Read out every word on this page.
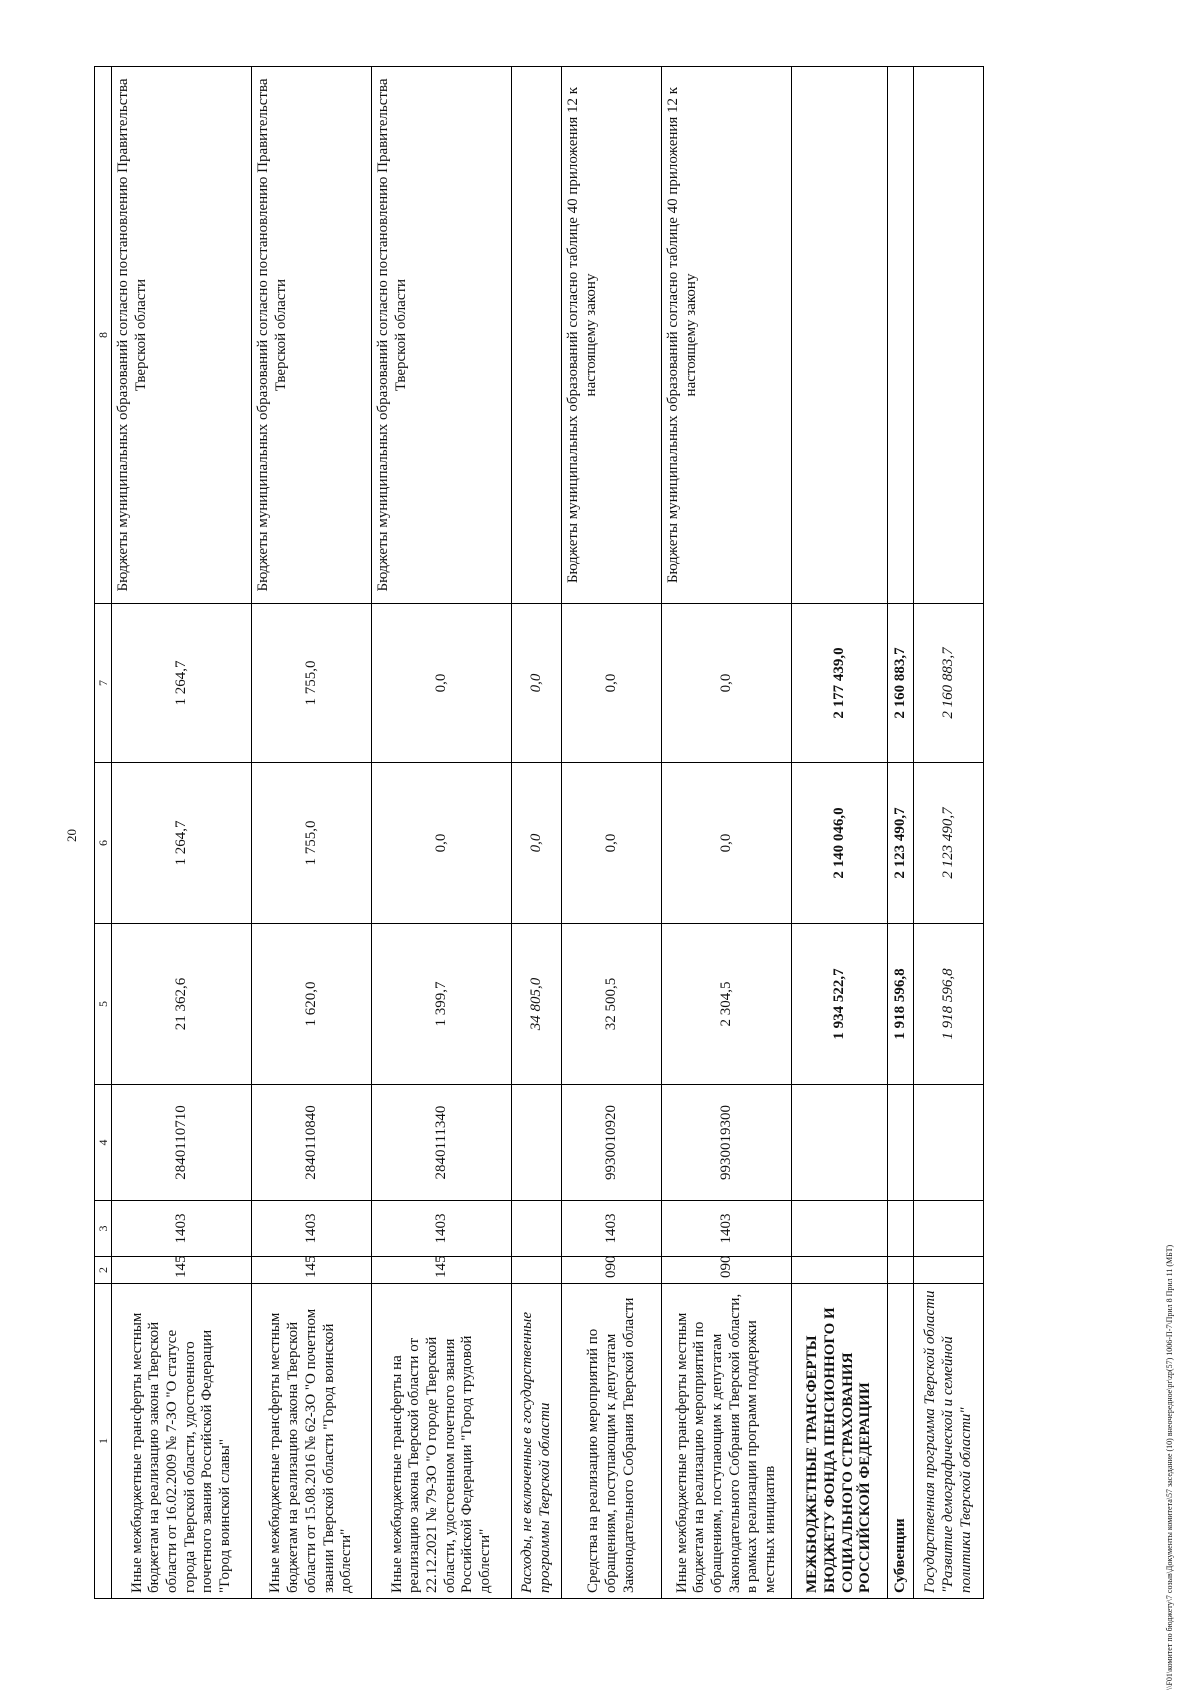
20
1	2	3	4	5	6	7	8
Иные межбюджетные трансферты местным бюджетам на реализацию закона Тверской области от 16.02.2009 № 7-ЗО "О статусе города Тверской области, удостоенного почетного звания Российской Федерации "Город воинской славы"	145	1403	2840110710	21 362,6	1 264,7	1 264,7	Бюджеты муниципальных образований согласно постановлению Правительства Тверской области
Иные межбюджетные трансферты местным бюджетам на реализацию закона Тверской области от 15.08.2016 № 62-ЗО "О почетном звании Тверской области "Город воинской доблести"	145	1403	2840110840	1 620,0	1 755,0	1 755,0	Бюджеты муниципальных образований согласно постановлению Правительства Тверской области
Иные межбюджетные трансферты на реализацию закона Тверской области от 22.12.2021 № 79-ЗО "О городе Тверской области, удостоенном почетного звания Российской Федерации "Город трудовой доблести"	145	1403	2840111340	1 399,7	0,0	0,0	Бюджеты муниципальных образований согласно постановлению Правительства Тверской области
Расходы, не включенные в государственные программы Тверской области				34 805,0	0,0	0,0	
Средства на реализацию мероприятий по обращениям, поступающим к депутатам Законодательного Собрания Тверской области	090	1403	9930010920	32 500,5	0,0	0,0	Бюджеты муниципальных образований согласно таблице 40 приложения 12 к настоящему закону
Иные межбюджетные трансферты местным бюджетам на реализацию мероприятий по обращениям, поступающим к депутатам Законодательного Собрания Тверской области, в рамках реализации программ поддержки местных инициатив	090	1403	9930019300	2 304,5	0,0	0,0	Бюджеты муниципальных образований согласно таблице 40 приложения 12 к настоящему закону
МЕЖБЮДЖЕТНЫЕ ТРАНСФЕРТЫ БЮДЖЕТУ ФОНДА ПЕНСИОННОГО И СОЦИАЛЬНОГО СТРАХОВАНИЯ РОССИЙСКОЙ ФЕДЕРАЦИИ				1 934 522,7	2 140 046,0	2 177 439,0	
Субвенции				1 918 596,8	2 123 490,7	2 160 883,7	
Государственная программа Тверской области "Развитие демографической и семейной политики Тверской области"				1 918 596,8	2 123 490,7	2 160 883,7	
\\F01\комитет по бюджету\7 созыв\Документы комитета\57 заседание (10) внеочередное\pr\zp(57) 1006-П-7\Прил 8 Прил 11 (МБТ)
